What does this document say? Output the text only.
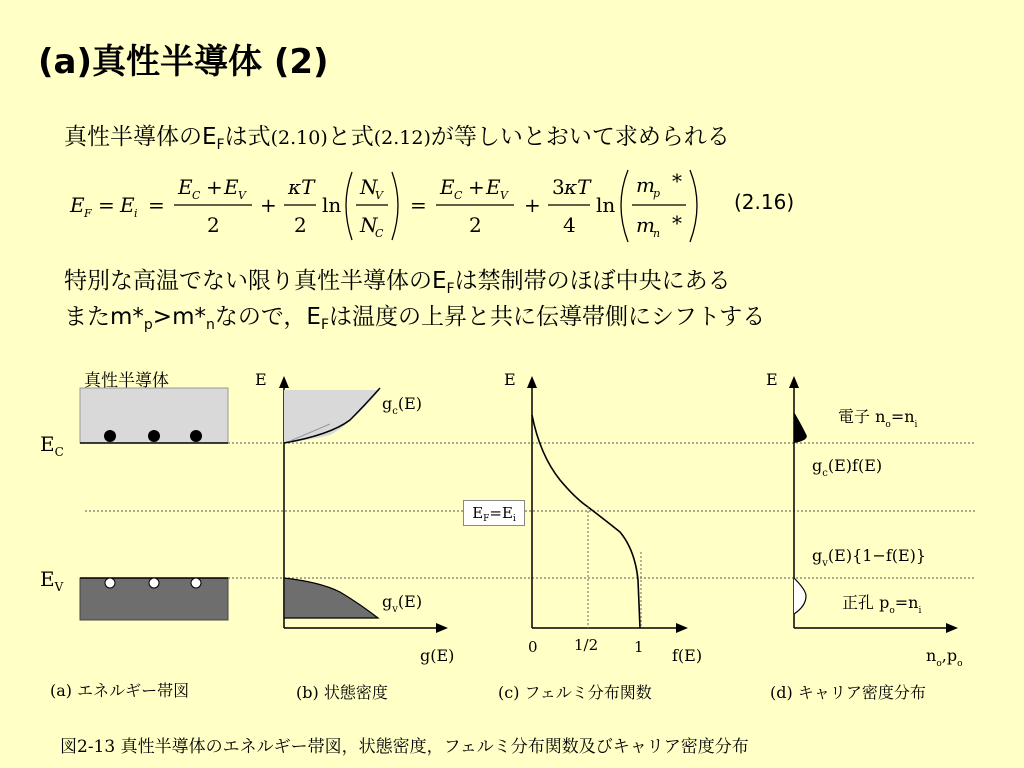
(a)真性半導体 (2)
真性半導体の$E_F$は式(2.10)と式(2.12)が等しいとおいて求められる
E F = E i =
E C + E V
2
+
κT
2
ln
N
V
N
C
=
E C + E V
2
+
3 κT
4
ln
m
p
*
m
n *
(2.16)
特別な高温でない限り真性半導体の$E_F$は禁制帯のほぼ中央にある
また$m*_p>m*_n$なので，$E_F$は温度の上昇と共に伝導帯側にシフトする
真性半導体
$E_C$
$E_V$
(a) エネルギー帯図
E
$g_c(E)$
$g_v(E)$
g(E)
(b) 状態密度
E
$E_F=E_i$
0 1/2 1 f(E)
(c) フェルミ分布関数
E
電子 $n_o=n_i$
$g_c(E)f(E)$
$g_v(E)\{1-f(E)\}$
正孔 $p_o=n_i$
$n_o,p_o$
(d) キャリア密度分布
図2-13 真性半導体のエネルギー帯図，状態密度，フェルミ分布関数及びキャリア密度分布
